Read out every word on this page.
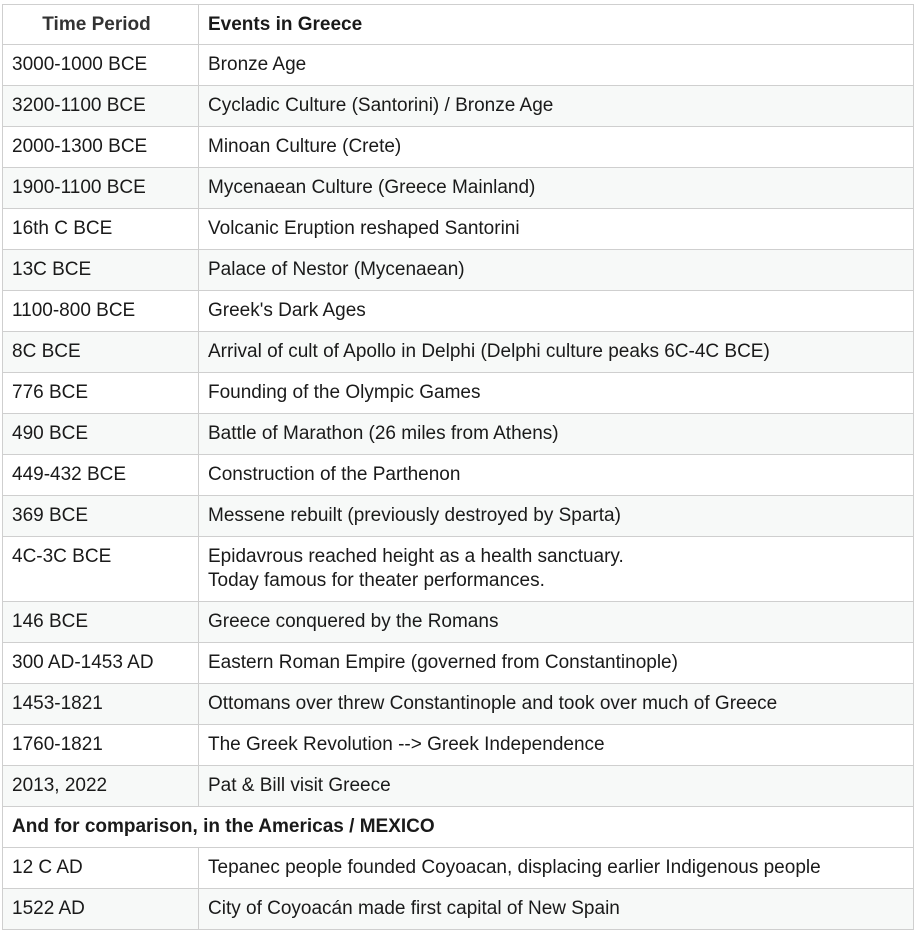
Time Period	Events in Greece
3000-1000 BCE	Bronze Age

3200-1100 BCE	Cycladic Culture (Santorini) / Bronze Age

2000-1300 BCE	Minoan Culture (Crete)

1900-1100 BCE	Mycenaean Culture (Greece Mainland)

16th C BCE	Volcanic Eruption reshaped Santorini

13C BCE	Palace of Nestor (Mycenaean)

1100-800 BCE	Greek's Dark Ages

8C BCE	Arrival of cult of Apollo in Delphi (Delphi culture peaks 6C-4C BCE)

776 BCE	Founding of the Olympic Games

490 BCE	Battle of Marathon (26 miles from Athens)

449-432 BCE	Construction of the Parthenon

369 BCE	Messene rebuilt (previously destroyed by Sparta)

4C-3C BCE	Epidavrous reached height as a health sanctuary.
Today famous for theater performances.

146 BCE	Greece conquered by the Romans

300 AD-1453 AD	Eastern Roman Empire (governed from Constantinople)

1453-1821	Ottomans over threw Constantinople and took over much of Greece

1760-1821	The Greek Revolution --> Greek Independence

2013, 2022	Pat & Bill visit Greece

And for comparison, in the Americas / MEXICO	
12 C AD	Tepanec people founded Coyoacan, displacing earlier Indigenous people

1522 AD	City of Coyoacán made first capital of New Spain
